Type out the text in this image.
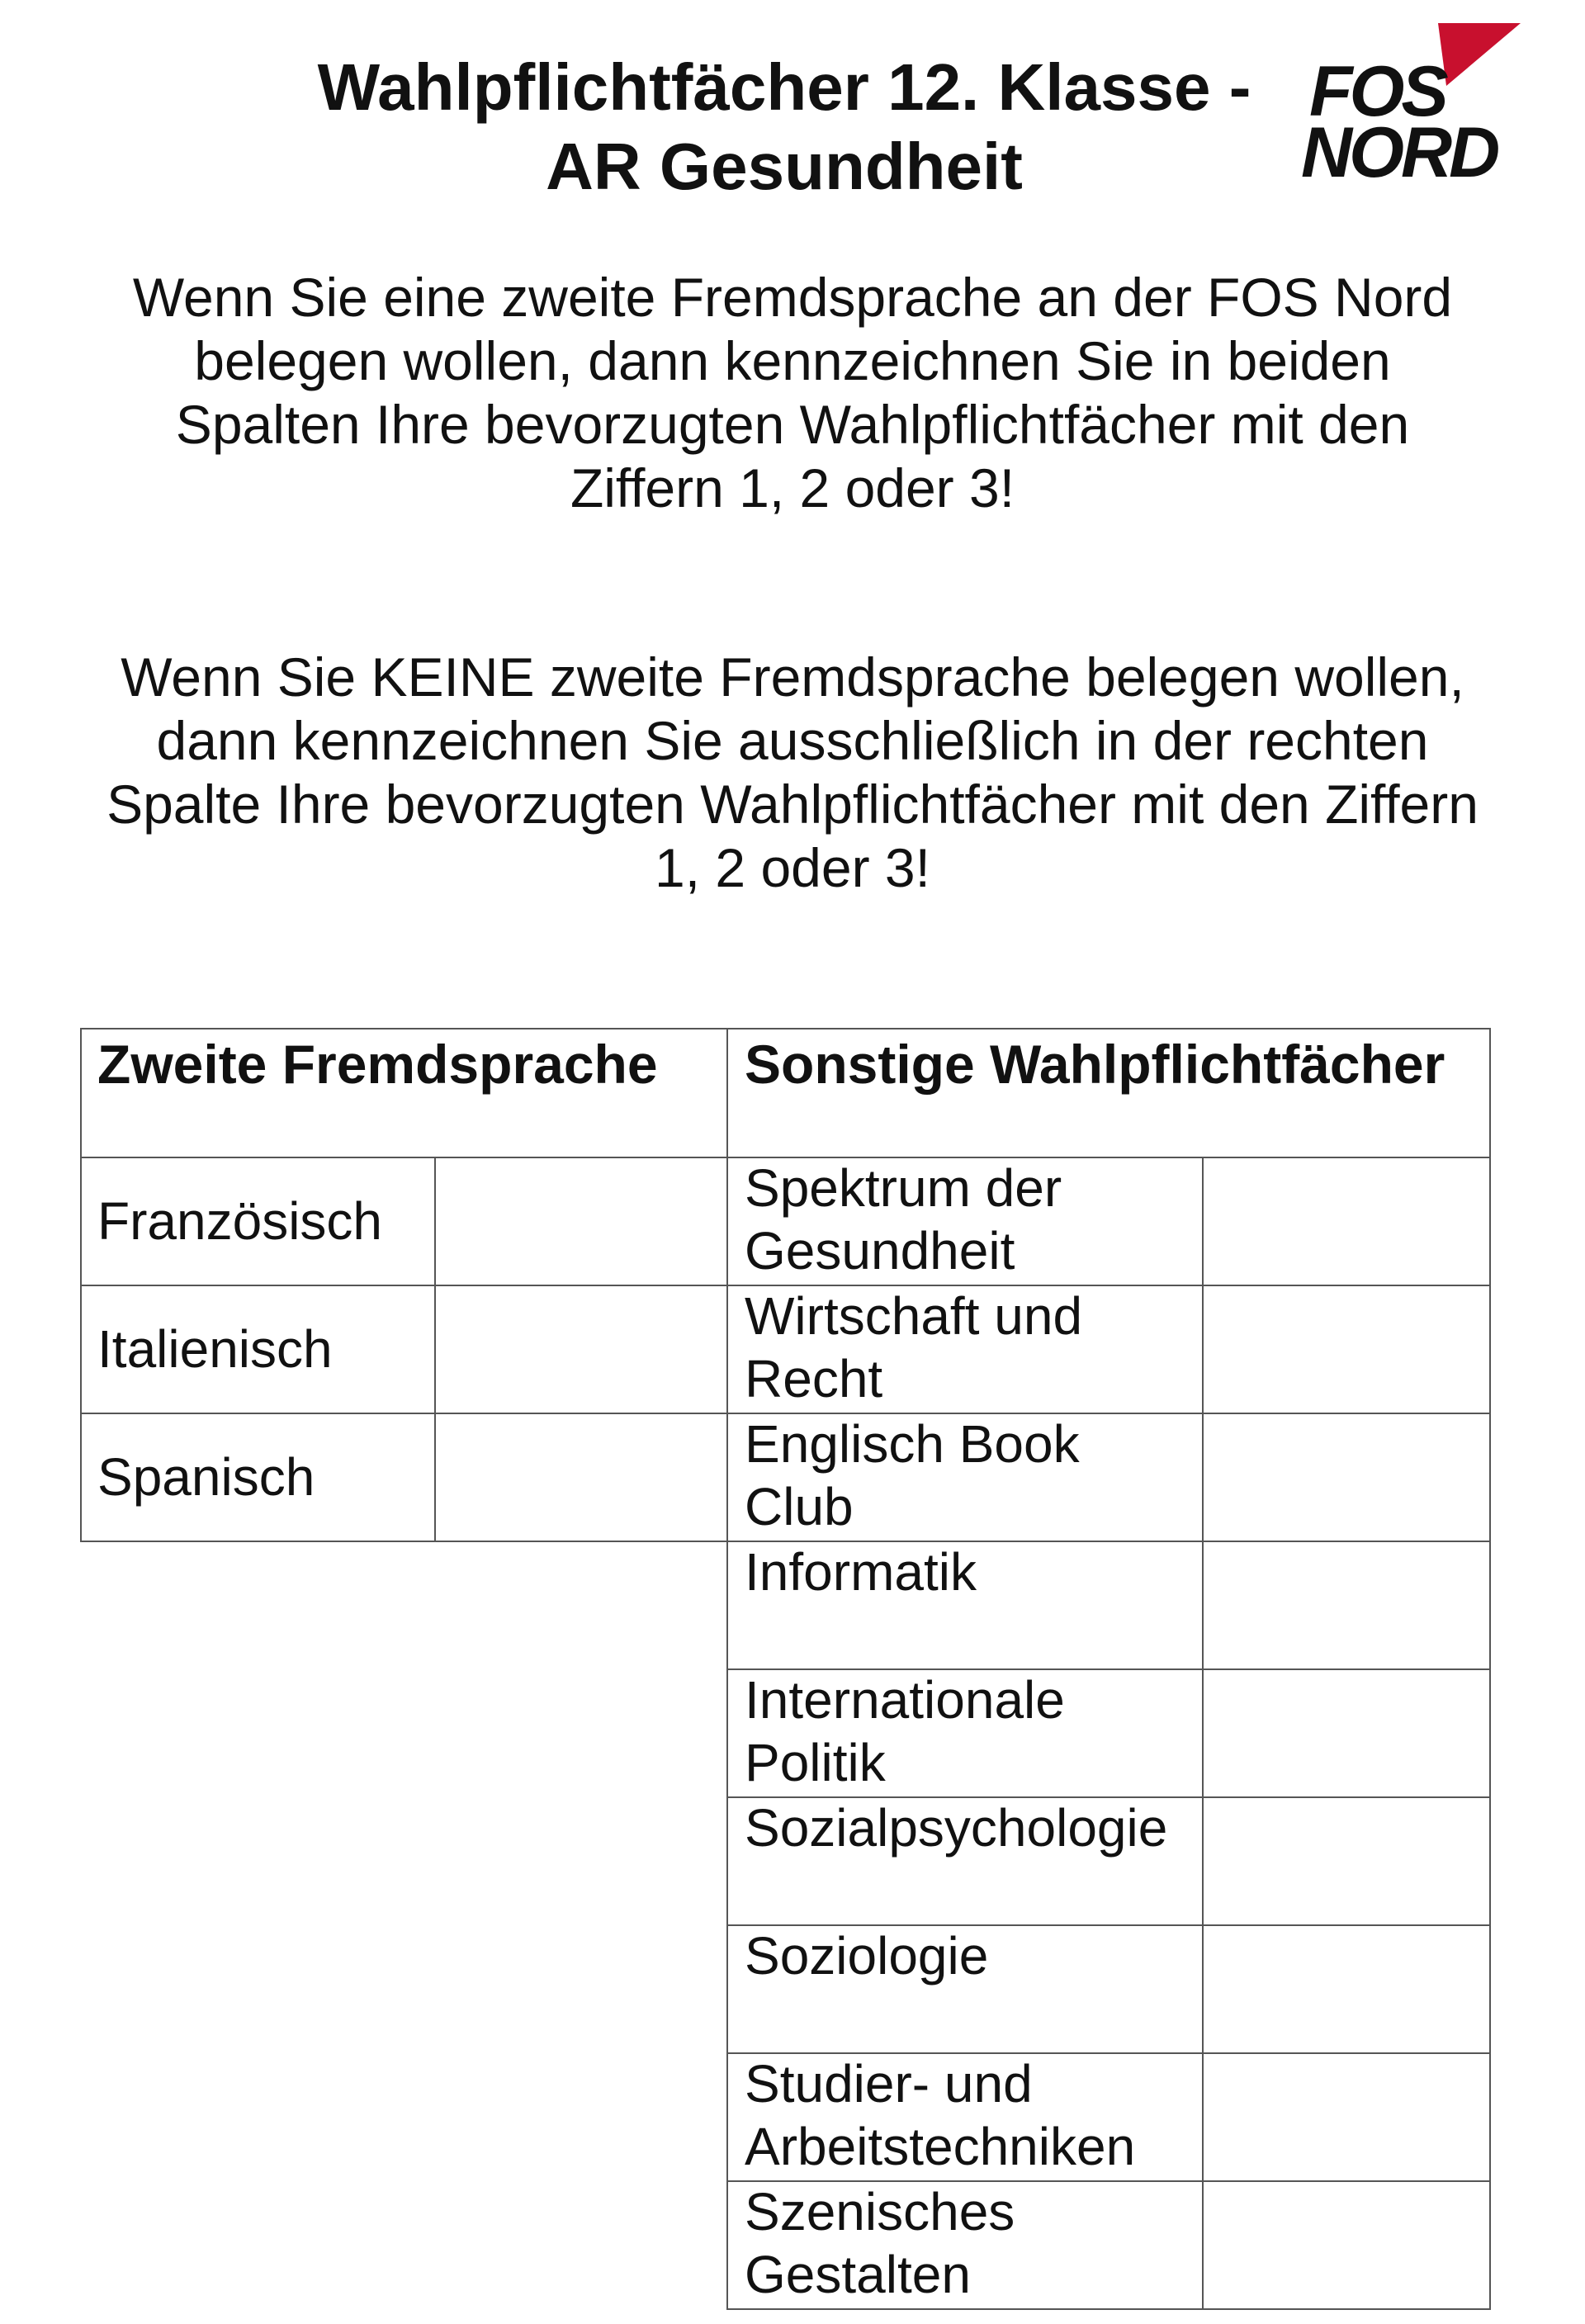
Wahlpflichtfächer 12. Klasse -
AR Gesundheit
FOS
NORD
Wenn Sie eine zweite Fremdsprache an der FOS Nord
belegen wollen, dann kennzeichnen Sie in beiden
Spalten Ihre bevorzugten Wahlpflichtfächer mit den
Ziffern 1, 2 oder 3!
Wenn Sie KEINE zweite Fremdsprache belegen wollen,
dann kennzeichnen Sie ausschließlich in der rechten
Spalte Ihre bevorzugten Wahlpflichtfächer mit den Ziffern
1, 2 oder 3!
Zweite Fremdsprache Sonstige Wahlpflichtfächer
Französisch
Italienisch
Spanisch
Spektrum der
Gesundheit
Wirtschaft und
Recht
Englisch Book
Club
Informatik
Internationale
Politik
Sozialpsychologie
Soziologie
Studier- und
Arbeitstechniken
Szenisches
Gestalten
